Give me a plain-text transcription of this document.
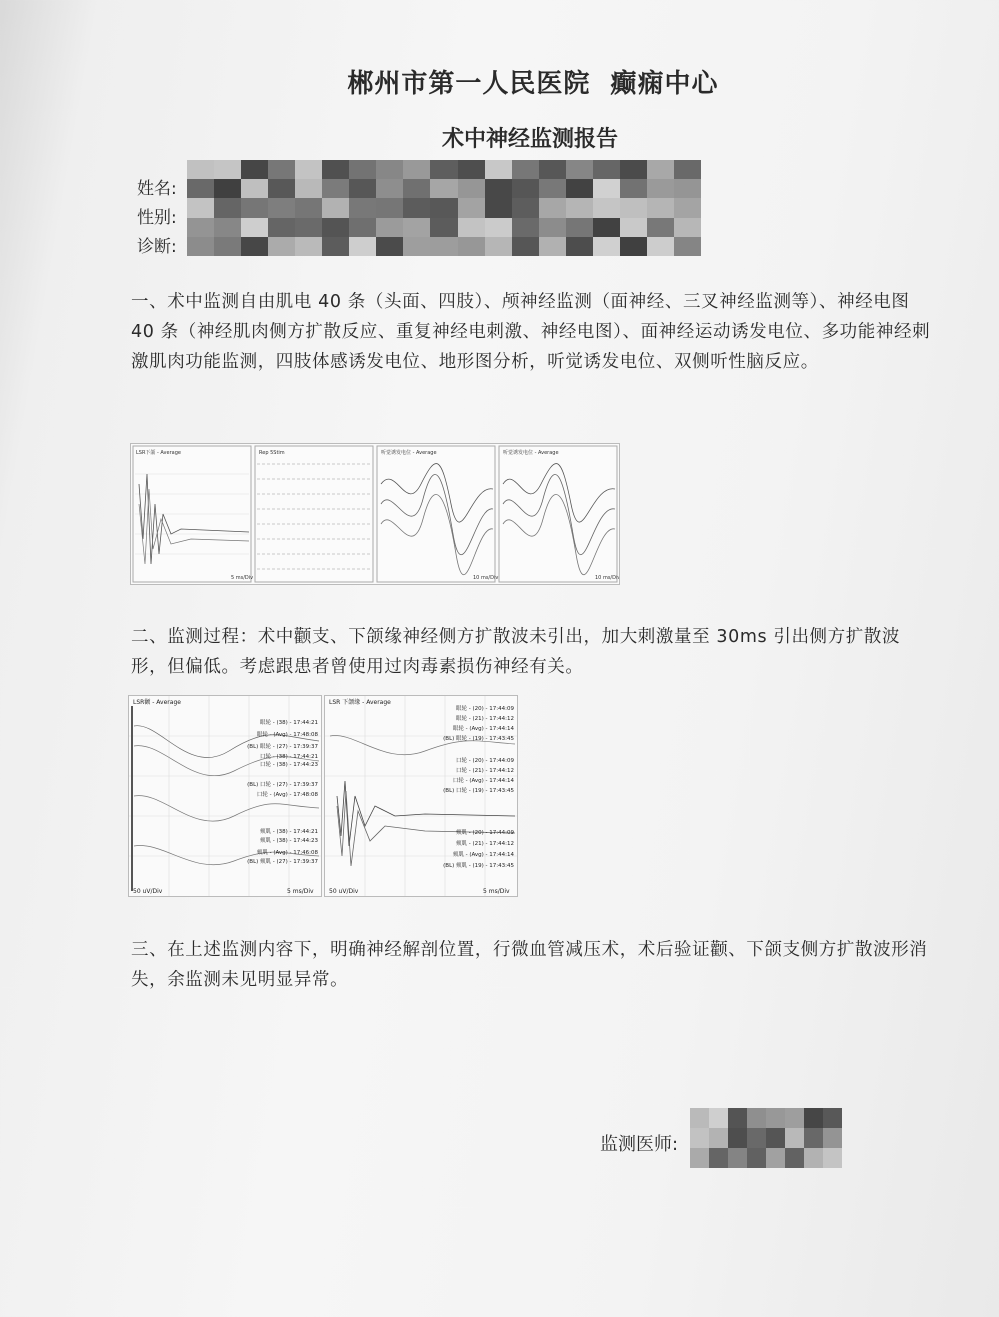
郴州市第一人民医院 癫痫中心
术中神经监测报告
姓名:
性别:
诊断:
一、术中监测自由肌电 40 条（头面、四肢）、颅神经监测（面神经、三叉神经监测等）、神经电图 40 条（神经肌肉侧方扩散反应、重复神经电刺激、神经电图）、面神经运动诱发电位、多功能神经刺激肌肉功能监测，四肢体感诱发电位、地形图分析，听觉诱发电位、双侧听性脑反应。
LSR下颌 - Average
5 ms/Div
Rep 5Stim	听觉诱发电位 - Average
10 ms/Div
听觉诱发电位 - Average
10 ms/Div
二、监测过程：术中颧支、下颌缘神经侧方扩散波未引出，加大刺激量至 30ms 引出侧方扩散波形，但偏低。考虑跟患者曾使用过肉毒素损伤神经有关。
LSR颧 - Average
50 uV/Div	5 ms/Div
眼轮 - (38) - 17:44:21
眼轮 - (Avg) - 17:48:08
(BL) 眼轮 - (27) - 17:39:37
口轮 - (38) - 17:44:21
口轮 - (38) - 17:44:23
(BL) 口轮 - (27) - 17:39:37
口轮 - (Avg) - 17:48:08
颏肌 - (38) - 17:44:21
颏肌 - (38) - 17:44:23
颏肌 - (Avg) - 17:46:08
(BL) 颏肌 - (27) - 17:39:37
LSR 下颌缘 - Average
50 uV/Div	5 ms/Div
眼轮 - (20) - 17:44:09
眼轮 - (21) - 17:44:12
眼轮 - (Avg) - 17:44:14
(BL) 眼轮 - (19) - 17:43:45
口轮 - (20) - 17:44:09
口轮 - (21) - 17:44:12
口轮 - (Avg) - 17:44:14
(BL) 口轮 - (19) - 17:43:45
颏肌 - (20) - 17:44:09
颏肌 - (21) - 17:44:12
颏肌 - (Avg) - 17:44:14
(BL) 颏肌 - (19) - 17:43:45
三、在上述监测内容下，明确神经解剖位置，行微血管减压术，术后验证颧、下颌支侧方扩散波形消失，余监测未见明显异常。
监测医师:
